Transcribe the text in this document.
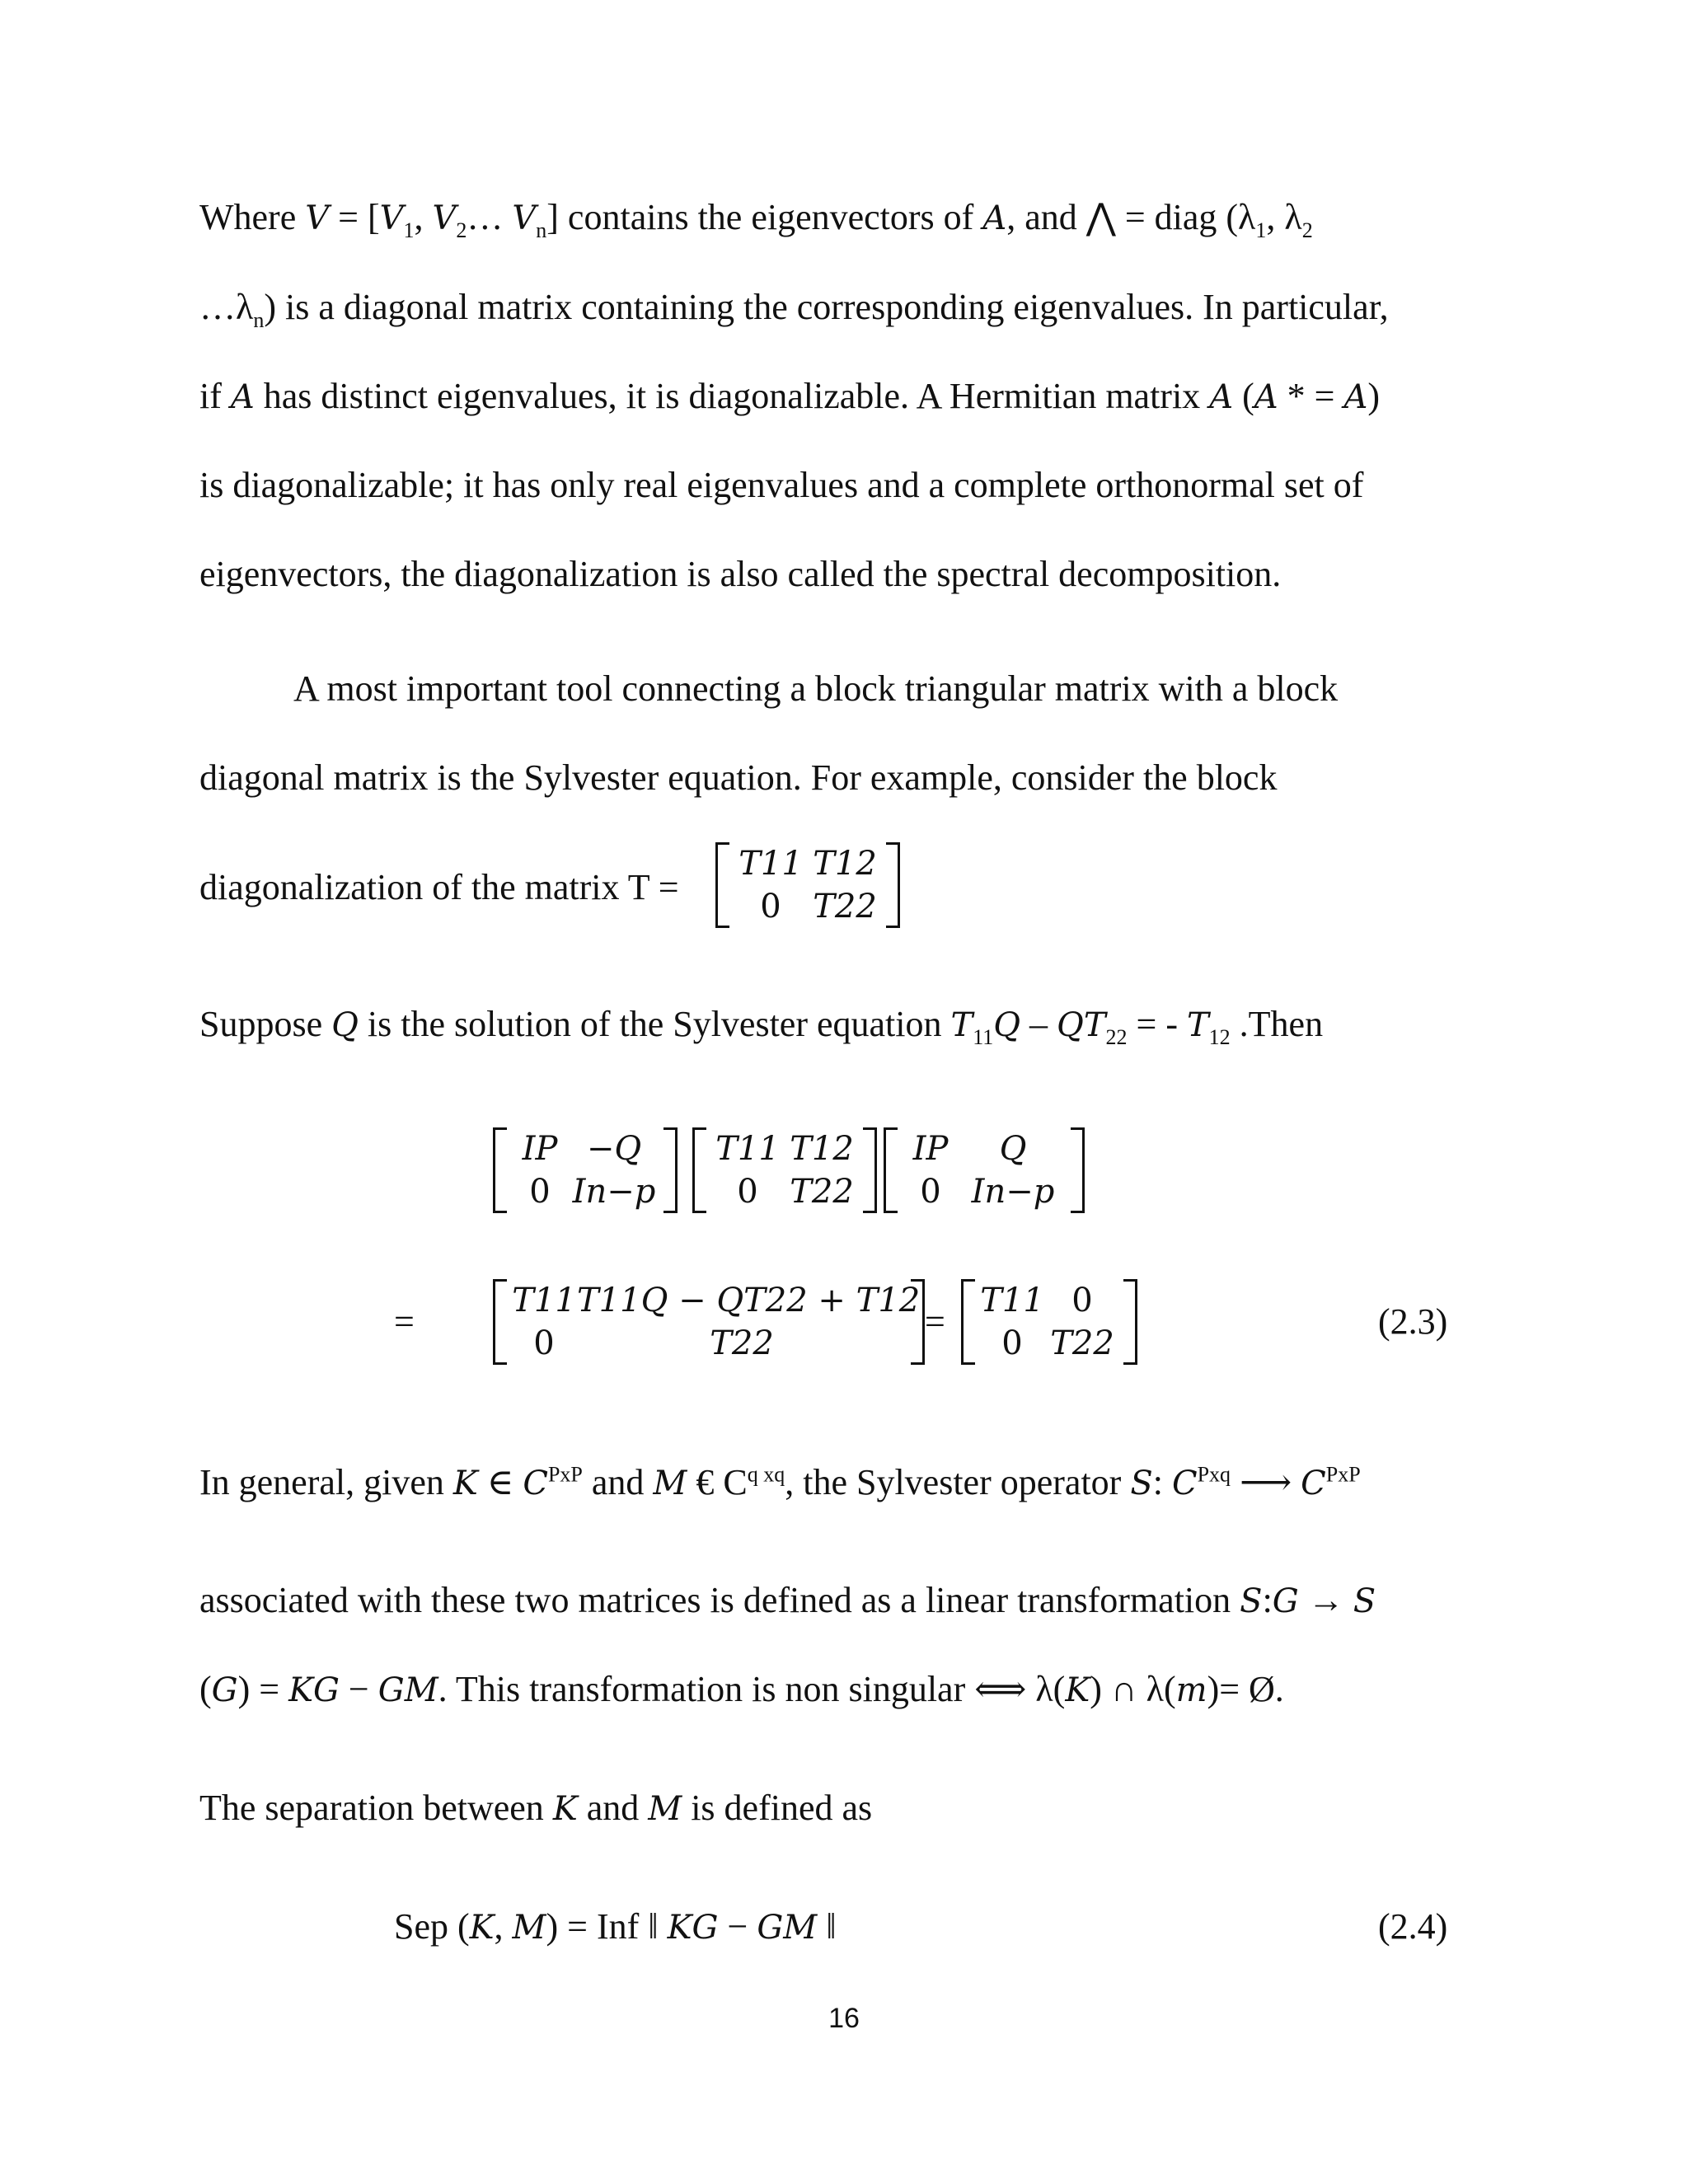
Where $V = [V_1$, $V_2\dots$ $V_n$] contains the eigenvectors of A, and ⋀ = diag ($\lambda_1$, $\lambda_2$
$\dots\lambda_n$) is a diagonal matrix containing the corresponding eigenvalues. In particular,
if A has distinct eigenvalues, it is diagonalizable. A Hermitian matrix A (A * = A)
is diagonalizable; it has only real eigenvalues and a complete orthonormal set of
eigenvectors, the diagonalization is also called the spectral decomposition.
A most important tool connecting a block triangular matrix with a block
diagonal matrix is the Sylvester equation. For example, consider the block
diagonalization of the matrix T =
T11 T12
0 T22
Suppose Q is the solution of the Sylvester equation $T_{11}Q - QT_{22}$ = - $T_{12}$ .Then
IP −Q
0 In−p
T11 T12
0 T22
IP	Q
0 In−p
=
T11 T11Q − QT22 + T12
0	T22
=
T11 0
0 T22
(2.3)
In general, given K ∈ $C^{PxP}$ and M € $C^{q xq}$, the Sylvester operator S: $C^{Pxq}$ ⟶ $C^{PxP}$
associated with these two matrices is defined as a linear transformation S:G → S
(G) = KG − GM. This transformation is non singular ⟺ λ(K) ∩ λ(m)= Ø.
The separation between K and M is defined as
Sep (K, M) = Inf ‖ KG − GM ‖	(2.4)
16
